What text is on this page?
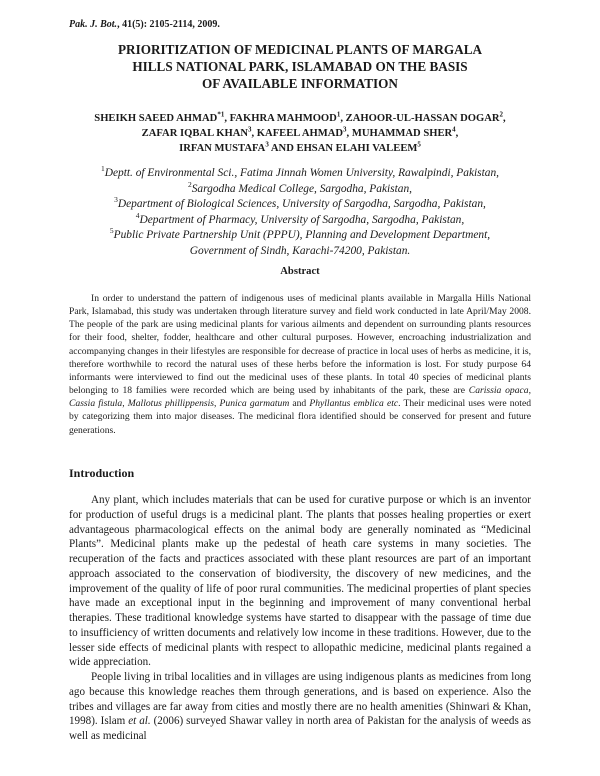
Pak. J. Bot., 41(5): 2105-2114, 2009.
PRIORITIZATION OF MEDICINAL PLANTS OF MARGALA
HILLS NATIONAL PARK, ISLAMABAD ON THE BASIS
OF AVAILABLE INFORMATION
SHEIKH SAEED AHMAD$^{*1}$, FAKHRA MAHMOOD$^1$, ZAHOOR-UL-HASSAN DOGAR$^2$,
ZAFAR IQBAL KHAN$^3$, KAFEEL AHMAD$^3$, MUHAMMAD SHER$^4$,
IRFAN MUSTAFA$^3$ AND EHSAN ELAHI VALEEM$^5$
$^1$Deptt. of Environmental Sci., Fatima Jinnah Women University, Rawalpindi, Pakistan,
$^2$Sargodha Medical College, Sargodha, Pakistan,
$^3$Department of Biological Sciences, University of Sargodha, Sargodha, Pakistan,
$^4$Department of Pharmacy, University of Sargodha, Sargodha, Pakistan,
$^5$Public Private Partnership Unit (PPPU), Planning and Development Department,
Government of Sindh, Karachi-74200, Pakistan.
Abstract

In order to understand the pattern of indigenous uses of medicinal plants available in Margalla Hills National Park, Islamabad, this study was undertaken through literature survey and field work conducted in late April/May 2008. The people of the park are using medicinal plants for various ailments and dependent on surrounding plants resources for their food, shelter, fodder, healthcare and other cultural purposes. However, encroaching industrialization and accompanying changes in their lifestyles are responsible for decrease of practice in local uses of herbs as medicine, it is, therefore worthwhile to record the natural uses of these herbs before the information is lost. For study purpose 64 informants were interviewed to find out the medicinal uses of these plants. In total 40 species of medicinal plants belonging to 18 families were recorded which are being used by inhabitants of the park, these are Carissia opaca, Cassia fistula, Mallotus phillippensis, Punica garmatum and Phyllantus emblica etc. Their medicinal uses were noted by categorizing them into major diseases. The medicinal flora identified should be conserved for present and future generations.

Introduction

Any plant, which includes materials that can be used for curative purpose or which is an inventor for production of useful drugs is a medicinal plant. The plants that posses healing properties or exert advantageous pharmacological effects on the animal body are generally nominated as “Medicinal Plants”. Medicinal plants make up the pedestal of heath care systems in many societies. The recuperation of the facts and practices associated with these plant resources are part of an important approach associated to the conservation of biodiversity, the discovery of new medicines, and the improvement of the quality of life of poor rural communities. The medicinal properties of plant species have made an exceptional input in the beginning and improvement of many conventional herbal therapies. These traditional knowledge systems have started to disappear with the passage of time due to insufficiency of written documents and relatively low income in these traditions. However, due to the lesser side effects of medicinal plants with respect to allopathic medicine, medicinal plants regained a wide appreciation.

People living in tribal localities and in villages are using indigenous plants as medicines from long ago because this knowledge reaches them through generations, and is based on experience. Also the tribes and villages are far away from cities and mostly there are no health amenities (Shinwari & Khan, 1998). Islam et al. (2006) surveyed Shawar valley in north area of Pakistan for the analysis of weeds as well as medicinal
